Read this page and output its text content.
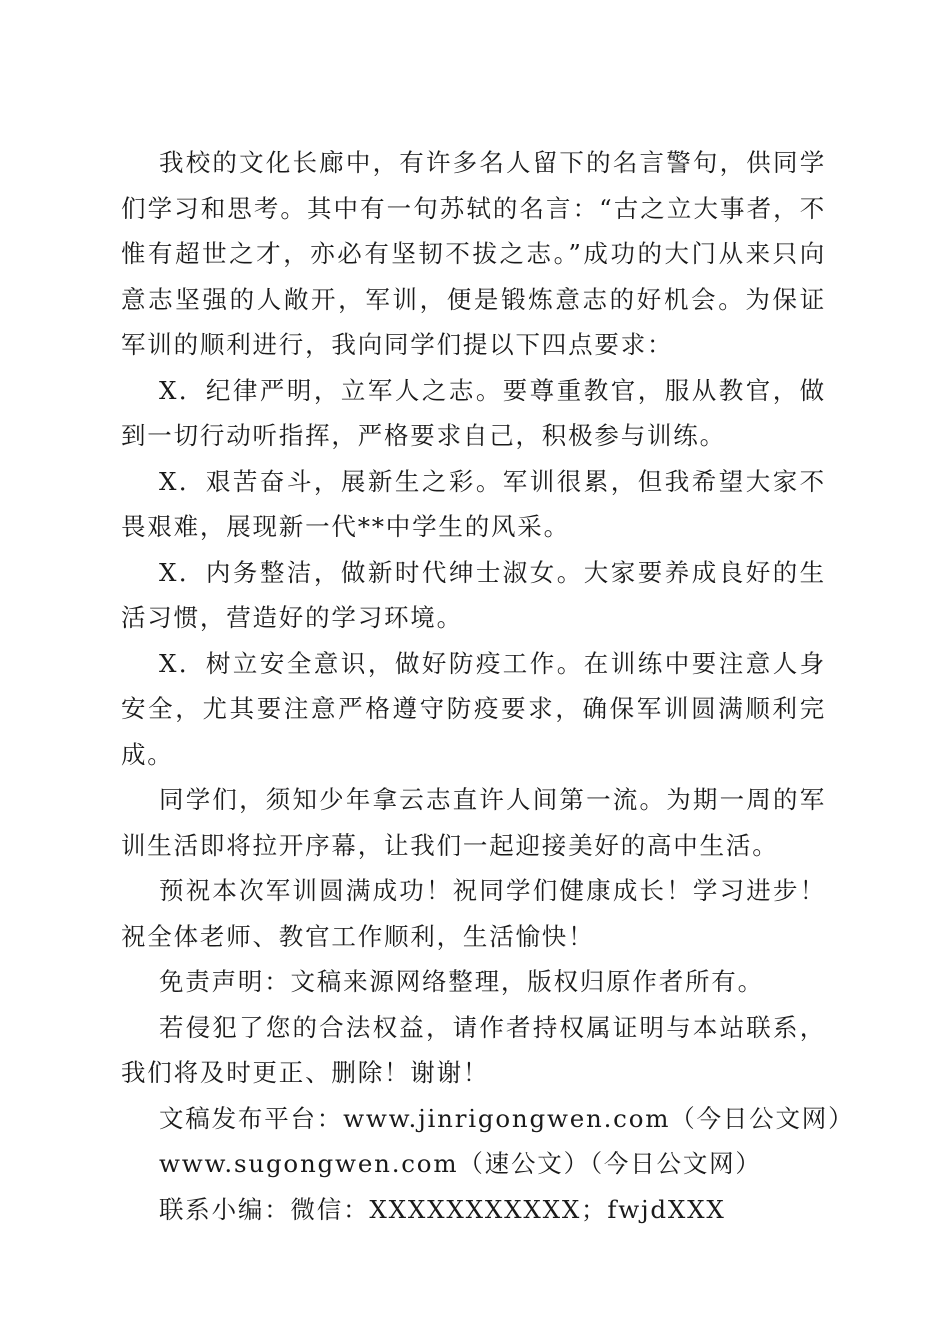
我校的文化长廊中，有许多名人留下的名言警句，供同学们学习和思考。其中有一句苏轼的名言：“古之立大事者，不惟有超世之才，亦必有坚韧不拔之志。”成功的大门从来只向意志坚强的人敞开，军训，便是锻炼意志的好机会。为保证军训的顺利进行，我向同学们提以下四点要求：

X．纪律严明，立军人之志。要尊重教官，服从教官，做到一切行动听指挥，严格要求自己，积极参与训练。

X．艰苦奋斗，展新生之彩。军训很累，但我希望大家不畏艰难，展现新一代**中学生的风采。

X．内务整洁，做新时代绅士淑女。大家要养成良好的生活习惯，营造好的学习环境。

X．树立安全意识，做好防疫工作。在训练中要注意人身安全，尤其要注意严格遵守防疫要求，确保军训圆满顺利完成。

同学们，须知少年拿云志直许人间第一流。为期一周的军训生活即将拉开序幕，让我们一起迎接美好的高中生活。

预祝本次军训圆满成功！祝同学们健康成长！学习进步！祝全体老师、教官工作顺利，生活愉快！

免责声明：文稿来源网络整理，版权归原作者所有。

若侵犯了您的合法权益，请作者持权属证明与本站联系，我们将及时更正、删除！谢谢！

文稿发布平台：www.jinrigongwen.com（今日公文网）

www.sugongwen.com（速公文）（今日公文网）

联系小编：微信：XXXXXXXXXXX；fwjdXXX
